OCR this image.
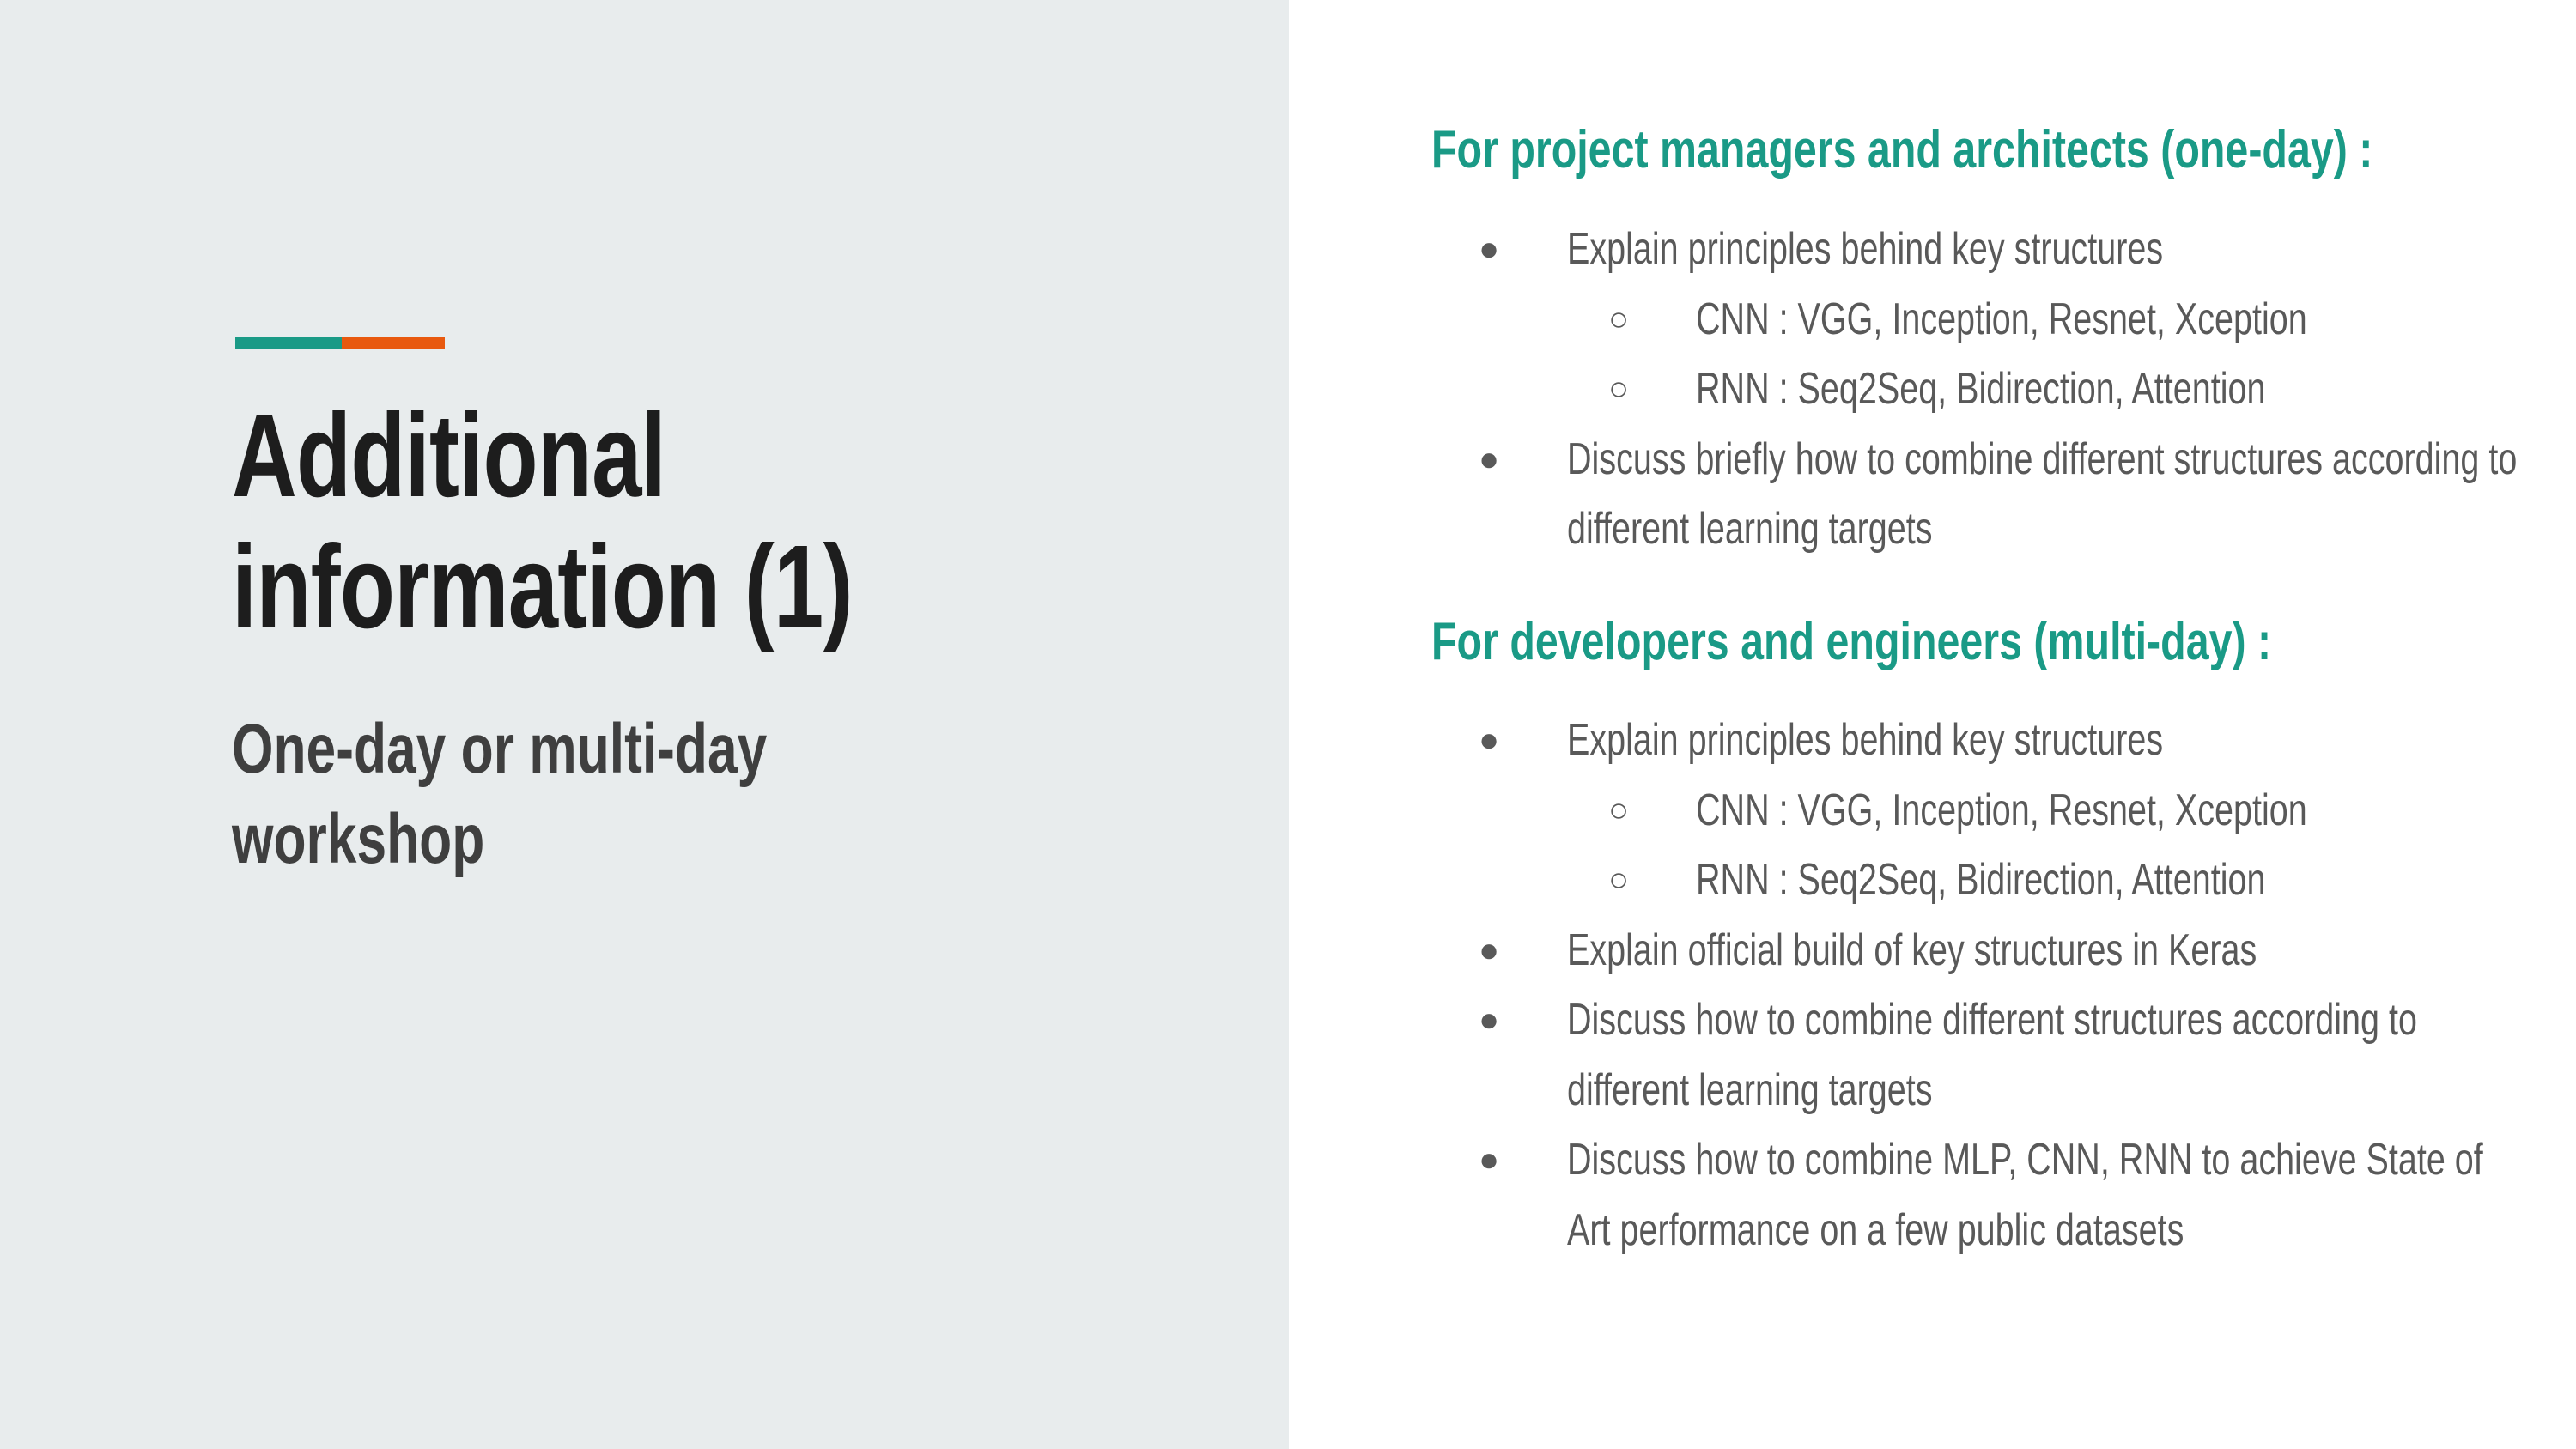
Additional
information (1)
One-day or multi-day
workshop
For project managers and architects (one-day) :
● Explain principles behind key structures
○ CNN : VGG, Inception, Resnet, Xception
○ RNN : Seq2Seq, Bidirection, Attention
● Discuss briefly how to combine different structures according to different learning targets
For developers and engineers (multi-day) :
● Explain principles behind key structures
○ CNN : VGG, Inception, Resnet, Xception
○ RNN : Seq2Seq, Bidirection, Attention
● Explain official build of key structures in Keras
● Discuss how to combine different structures according to different learning targets
● Discuss how to combine MLP, CNN, RNN to achieve State of Art performance on a few public datasets
